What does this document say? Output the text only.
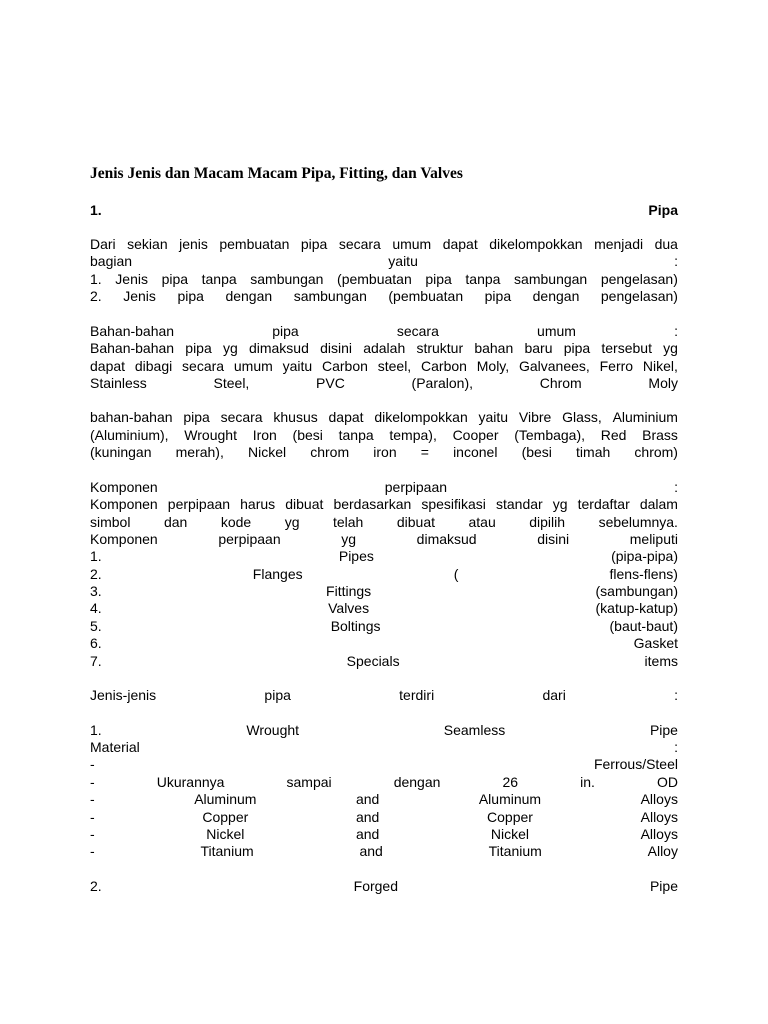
Jenis Jenis dan Macam Macam Pipa, Fitting, dan Valves
1.	Pipa
Dari sekian jenis pembuatan pipa secara umum dapat dikelompokkan menjadi dua
bagian	yaitu	:
1. Jenis pipa tanpa sambungan (pembuatan pipa tanpa sambungan pengelasan)
2. Jenis pipa dengan sambungan (pembuatan pipa dengan pengelasan)
Bahan-bahan	pipa	secara	umum	:
Bahan-bahan pipa yg dimaksud disini adalah struktur bahan baru pipa tersebut yg
dapat dibagi secara umum yaitu Carbon steel, Carbon Moly, Galvanees, Ferro Nikel,
Stainless	Steel,	PVC	(Paralon),	Chrom	Moly
bahan-bahan pipa secara khusus dapat dikelompokkan yaitu Vibre Glass, Aluminium
(Aluminium), Wrought Iron (besi tanpa tempa), Cooper (Tembaga), Red Brass
(kuningan merah), Nickel chrom iron = inconel (besi timah chrom)
Komponen	perpipaan	:
Komponen perpipaan harus dibuat berdasarkan spesifikasi standar yg terdaftar dalam
simbol dan kode yg telah dibuat atau dipilih sebelumnya.
Komponen	perpipaan	yg	dimaksud	disini	meliputi
1.	Pipes	(pipa-pipa)
2.	Flanges	(	flens-flens)
3.	Fittings	(sambungan)
4.	Valves	(katup-katup)
5.	Boltings	(baut-baut)
6.	Gasket
7.	Specials	items
Jenis-jenis	pipa	terdiri	dari	:
1.	Wrought	Seamless	Pipe
Material	:
-	Ferrous/Steel
-	Ukurannya	sampai	dengan	26	in.	OD
-	Aluminum	and	Aluminum	Alloys
-	Copper	and	Copper	Alloys
-	Nickel	and	Nickel	Alloys
-	Titanium	and	Titanium	Alloy
2.	Forged	Pipe
